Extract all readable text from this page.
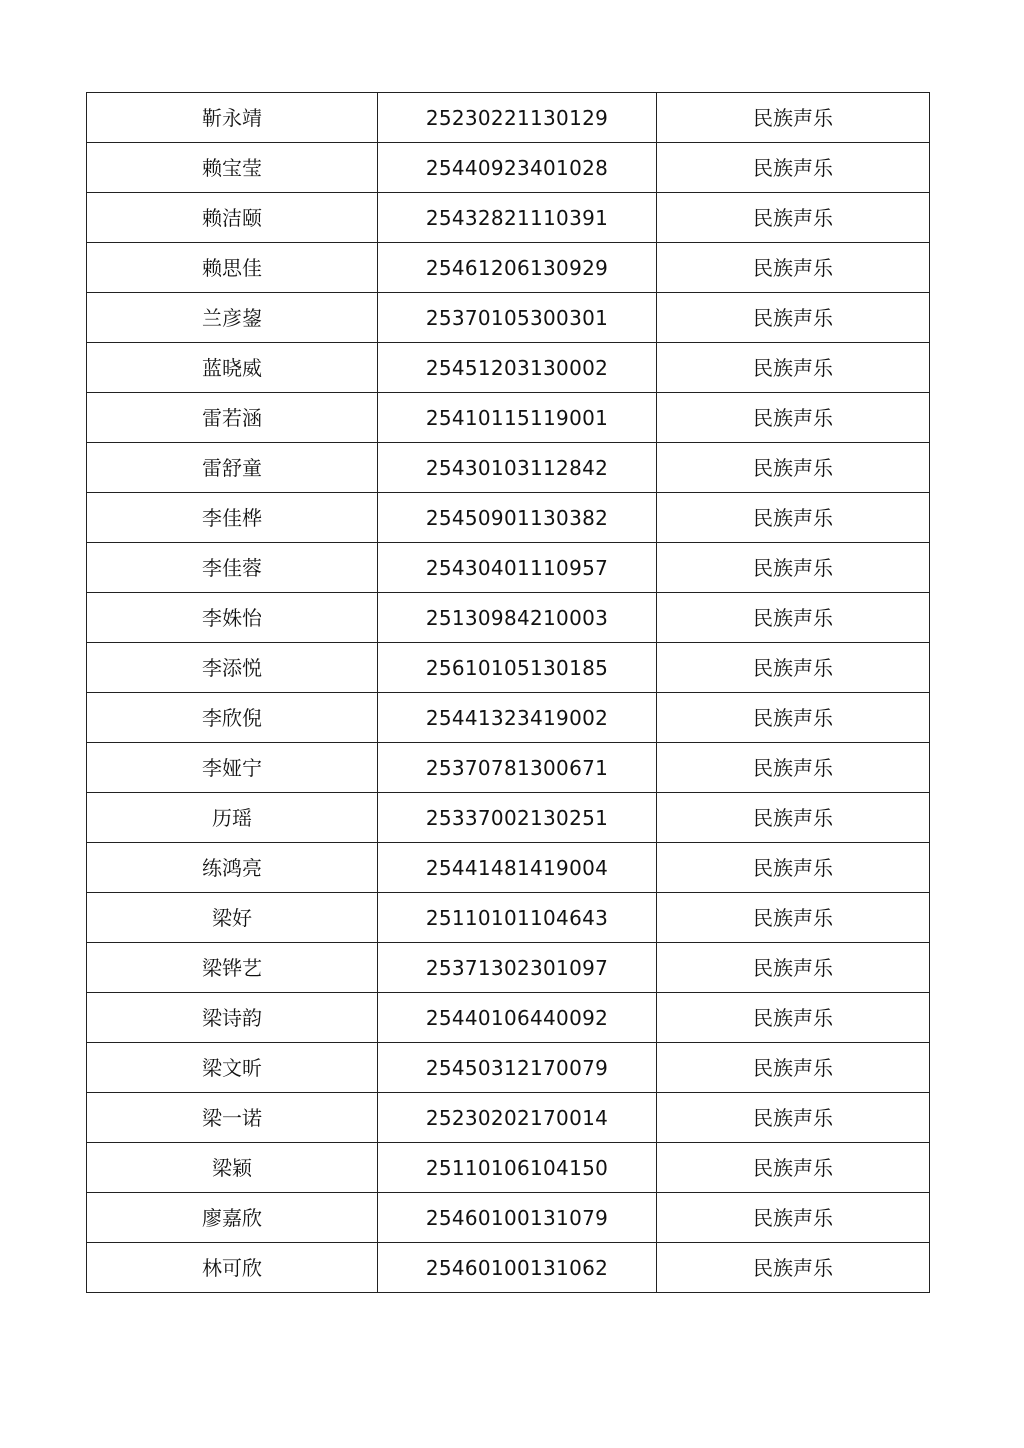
靳永靖	25230221130129	民族声乐
赖宝莹	25440923401028	民族声乐
赖洁颐	25432821110391	民族声乐
赖思佳	25461206130929	民族声乐
兰彦鋆	25370105300301	民族声乐
蓝晓威	25451203130002	民族声乐
雷若涵	25410115119001	民族声乐
雷舒童	25430103112842	民族声乐
李佳桦	25450901130382	民族声乐
李佳蓉	25430401110957	民族声乐
李姝怡	25130984210003	民族声乐
李添悦	25610105130185	民族声乐
李欣倪	25441323419002	民族声乐
李娅宁	25370781300671	民族声乐
历瑶	25337002130251	民族声乐
练鸿亮	25441481419004	民族声乐
梁好	25110101104643	民族声乐
梁铧艺	25371302301097	民族声乐
梁诗韵	25440106440092	民族声乐
梁文昕	25450312170079	民族声乐
梁一诺	25230202170014	民族声乐
梁颖	25110106104150	民族声乐
廖嘉欣	25460100131079	民族声乐
林可欣	25460100131062	民族声乐
